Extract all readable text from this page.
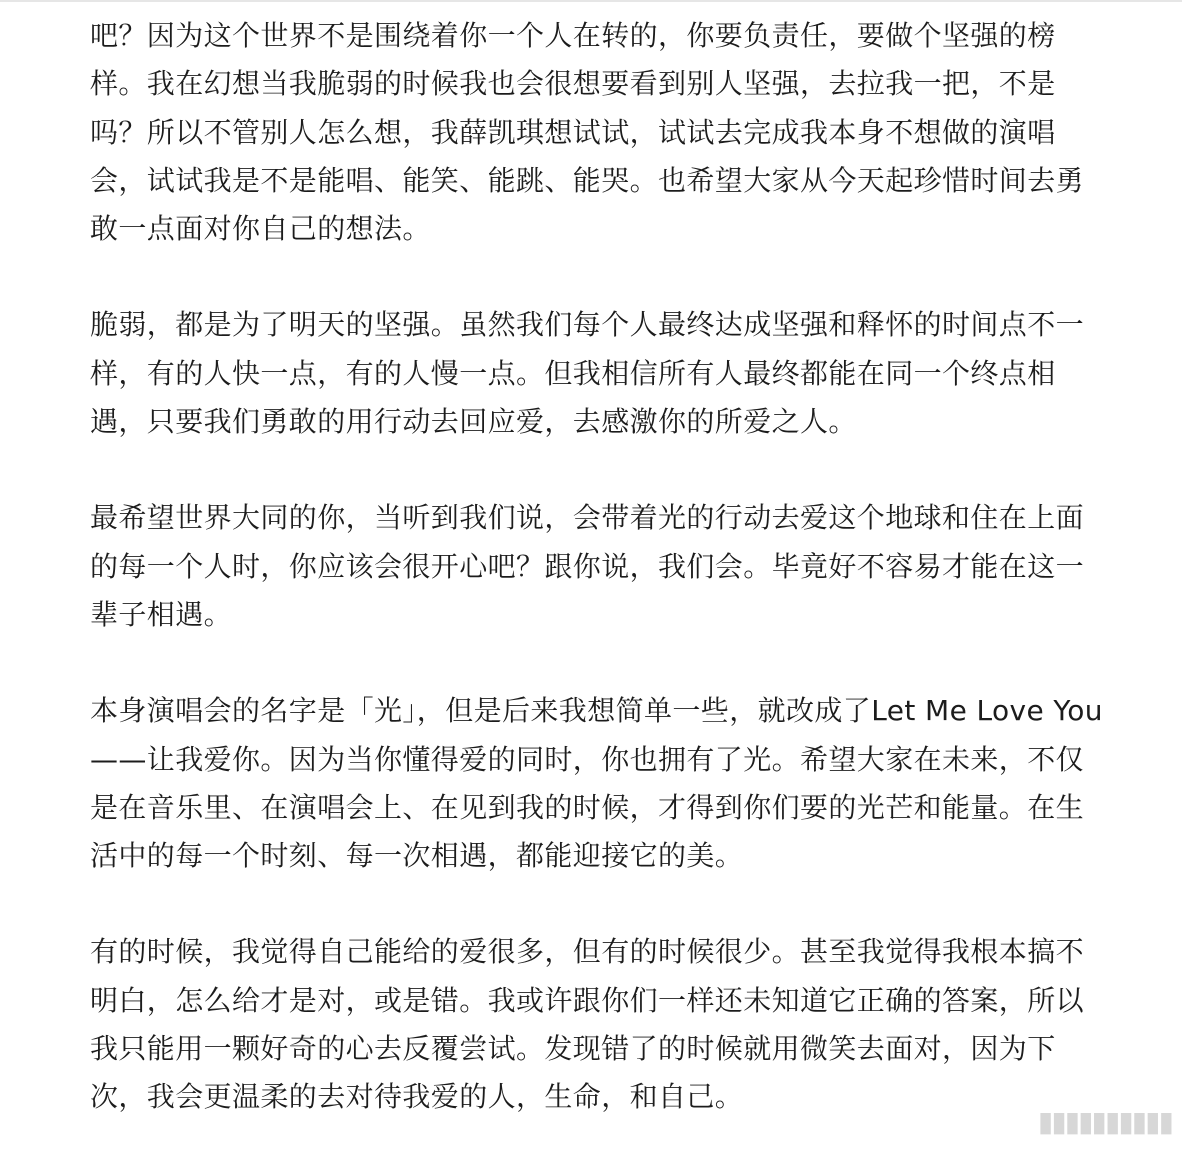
吧？因为这个世界不是围绕着你一个人在转的，你要负责任，要做个坚强的榜
样。我在幻想当我脆弱的时候我也会很想要看到别人坚强，去拉我一把，不是
吗？所以不管别人怎么想，我薛凯琪想试试，试试去完成我本身不想做的演唱
会，试试我是不是能唱、能笑、能跳、能哭。也希望大家从今天起珍惜时间去勇
敢一点面对你自己的想法。

脆弱，都是为了明天的坚强。虽然我们每个人最终达成坚强和释怀的时间点不一
样，有的人快一点，有的人慢一点。但我相信所有人最终都能在同一个终点相
遇，只要我们勇敢的用行动去回应爱，去感激你的所爱之人。

最希望世界大同的你，当听到我们说，会带着光的行动去爱这个地球和住在上面
的每一个人时，你应该会很开心吧？跟你说，我们会。毕竟好不容易才能在这一
辈子相遇。

本身演唱会的名字是「光」，但是后来我想简单一些，就改成了Let Me Love You
——让我爱你。因为当你懂得爱的同时，你也拥有了光。希望大家在未来，不仅
是在音乐里、在演唱会上、在见到我的时候，才得到你们要的光芒和能量。在生
活中的每一个时刻、每一次相遇，都能迎接它的美。

有的时候，我觉得自己能给的爱很多，但有的时候很少。甚至我觉得我根本搞不
明白，怎么给才是对，或是错。我或许跟你们一样还未知道它正确的答案，所以
我只能用一颗好奇的心去反覆尝试。发现错了的时候就用微笑去面对，因为下
次，我会更温柔的去对待我爱的人，生命，和自己。

▮▮▮▮▮▮▮▮▮▮
